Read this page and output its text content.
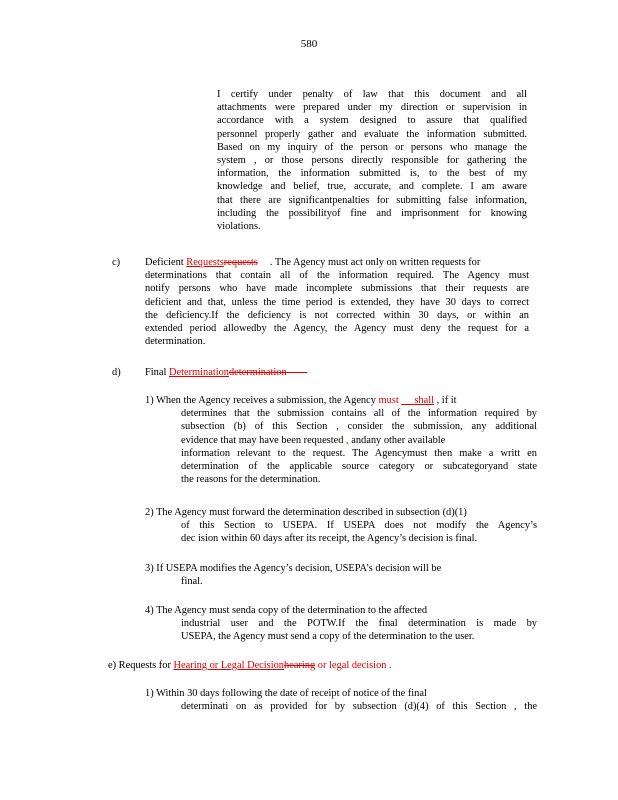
580
I certify under penalty of law that this document and all
attachments were prepared under my direction or supervision in
accordance with a system designed to assure that qualified
personnel properly gather and evaluate the information submitted.
Based on my inquiry of the person or persons who manage the
system , or those persons directly responsible for gathering the
information, the information submitted is, to the best of my
knowledge and belief, true, accurate, and complete. I am aware
that there are significantpenalties for submitting false information,
including the possibilityof fine and imprisonment for knowing
violations.
c) Deficient Requestsrequests . The Agency must act only on written requests for
determinations that contain all of the information required. The Agency must
notify persons who have made incomplete submissions that their requests are
deficient and that, unless the time period is extended, they have 30 days to correct
the deficiency.If the deficiency is not corrected within 30 days, or within an
extended period allowedby the Agency, the Agency must deny the request for a
determination.
d) Final Determinationdetermination
1) When the Agency receives a submission, the Agency must shall , if it
determines that the submission contains all of the information required by
subsection (b) of this Section , consider the submission, any additional
evidence that may have been requested , andany other available
information relevant to the request. The Agencymust then make a writt en
determination of the applicable source category or subcategoryand state
the reasons for the determination.
2) The Agency must forward the determination described in subsection (d)(1)
of this Section to USEPA. If USEPA does not modify the Agency’s
dec ision within 60 days after its receipt, the Agency’s decision is final.
3) If USEPA modifies the Agency’s decision, USEPA’s decision will be
final.
4) The Agency must senda copy of the determination to the affected
industrial user and the POTW.If the final determination is made by
USEPA, the Agency must send a copy of the determination to the user.
e) Requests for Hearing or Legal Decisionhearing or legal decision .
1) Within 30 days following the date of receipt of notice of the final
determinati on as provided for by subsection (d)(4) of this Section , the
